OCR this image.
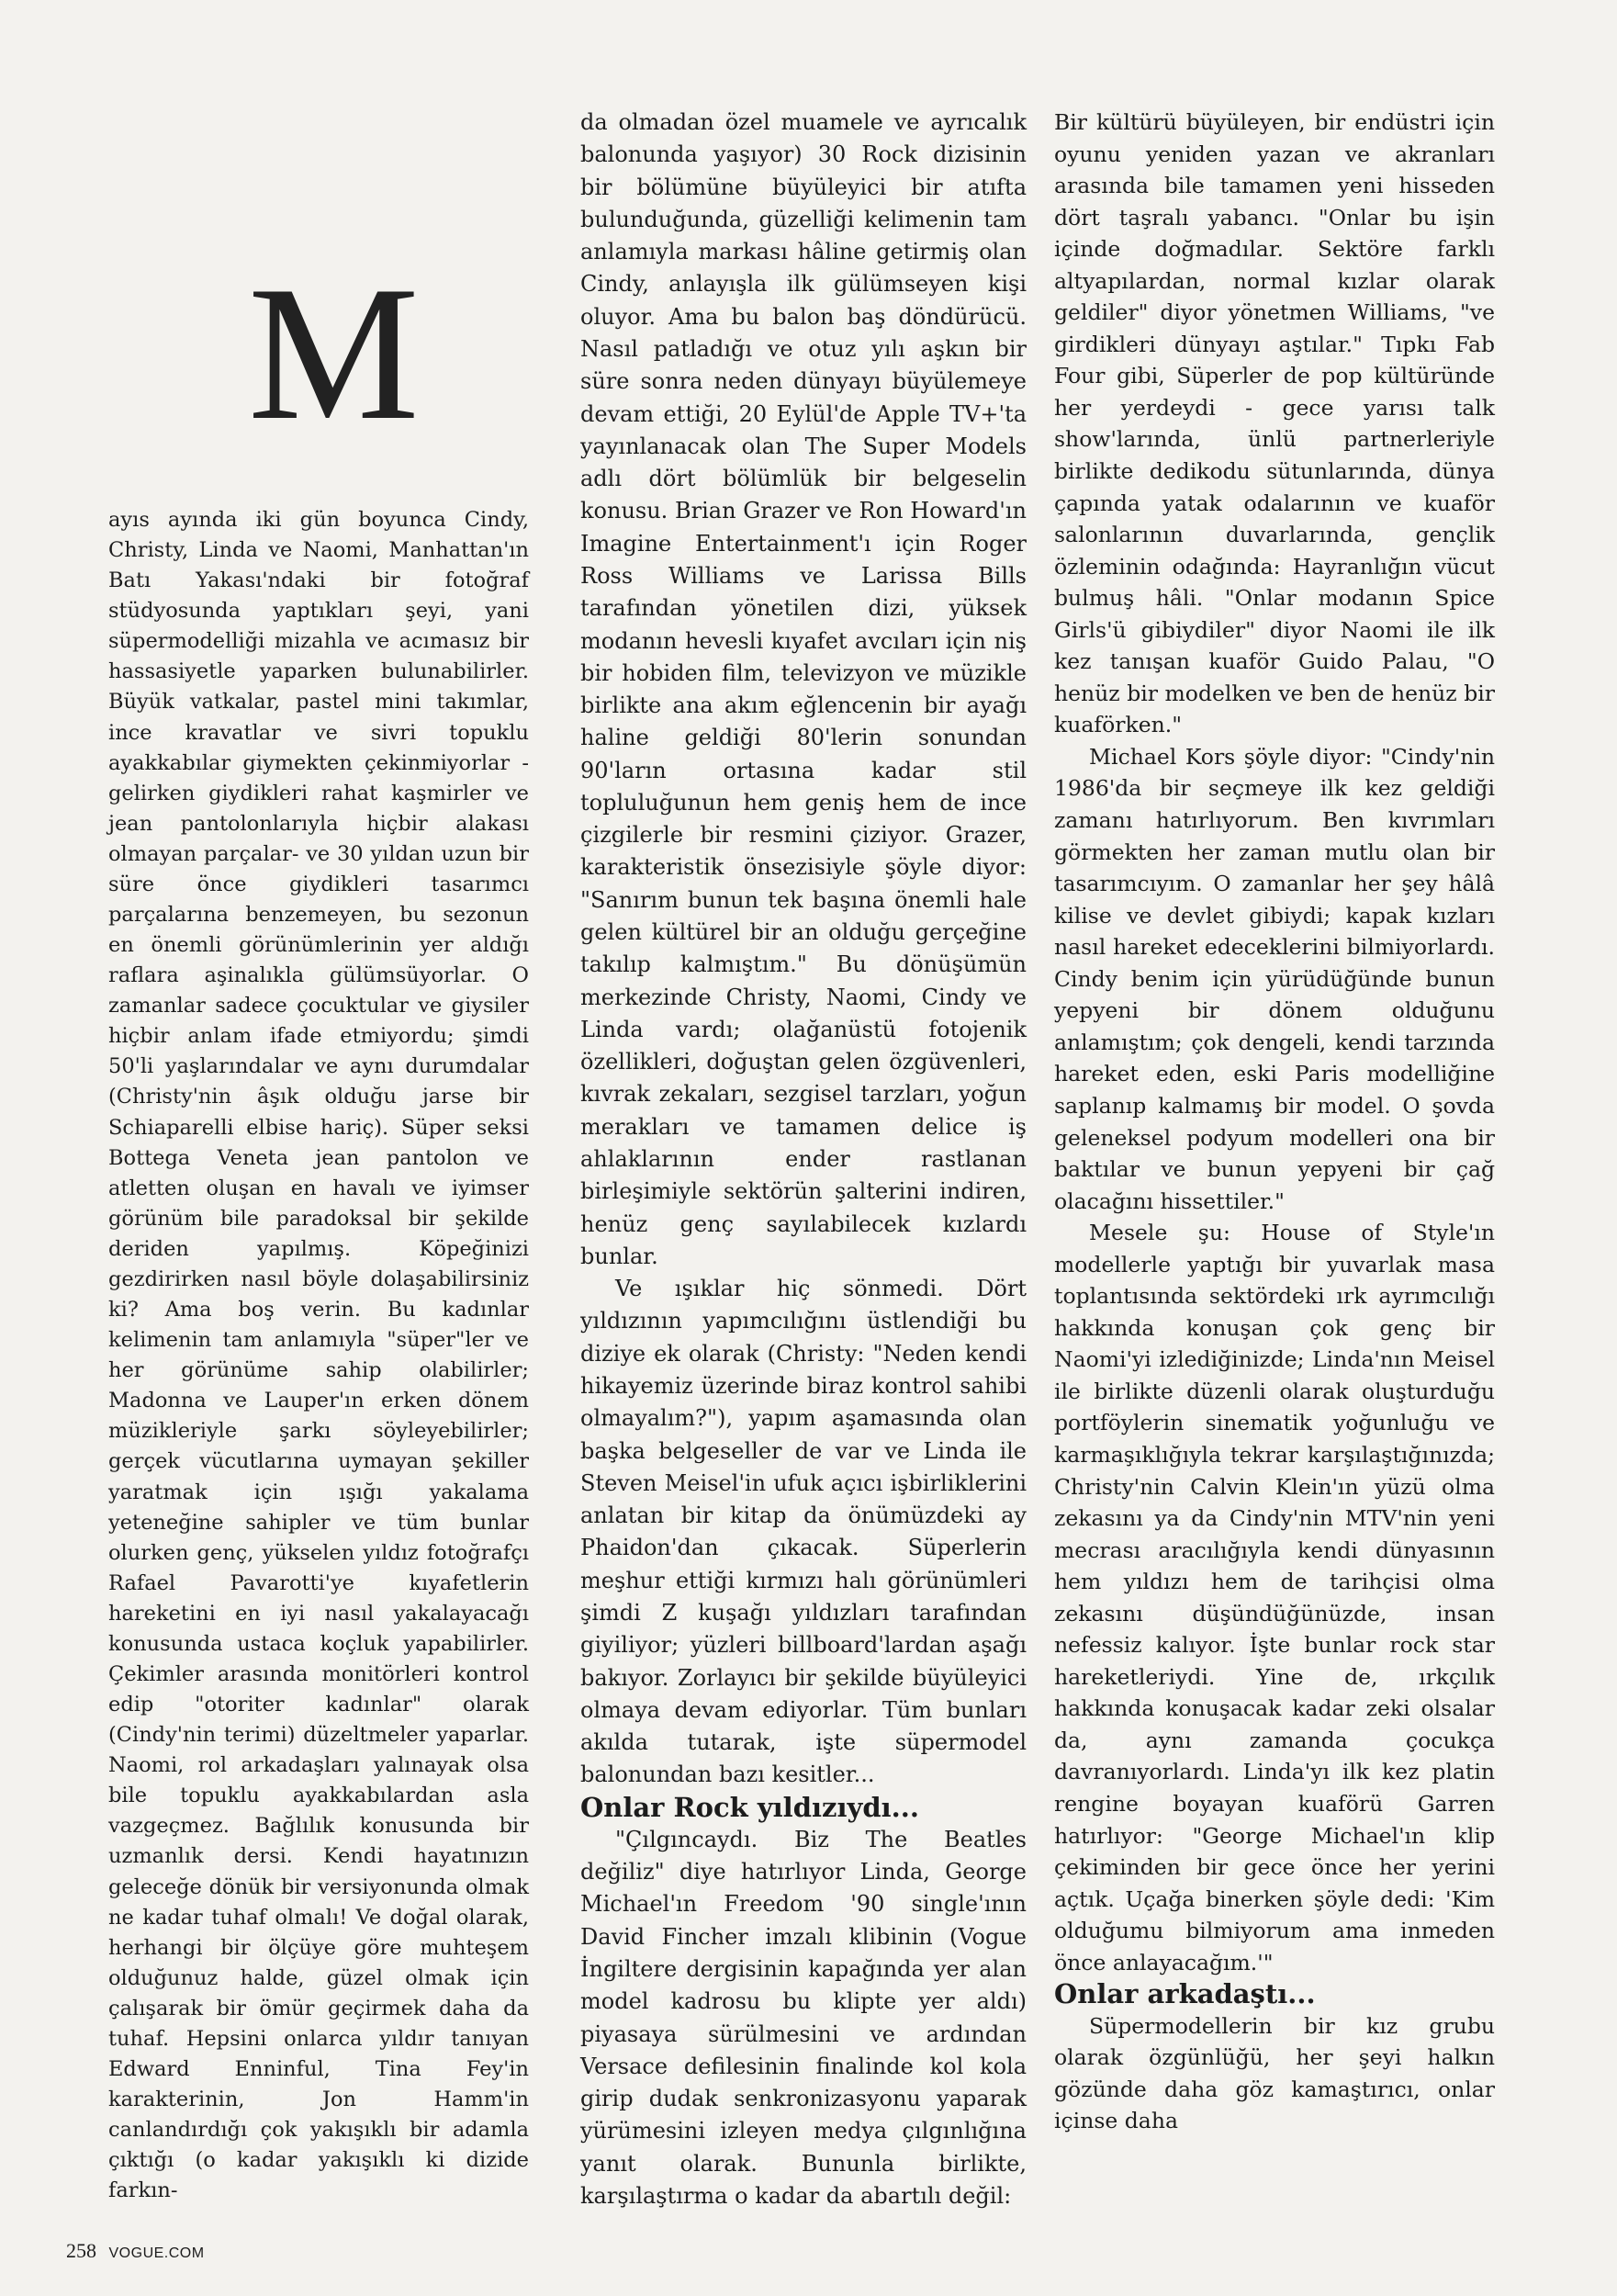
M

ayıs ayında iki gün boyunca Cindy, Christy, Linda ve Naomi, Manhattan'ın Batı Yakası'ndaki bir fotoğraf stüdyosunda yaptıkları şeyi, yani süpermodelliği mizahla ve acımasız bir hassasiyetle yaparken bulunabilirler. Büyük vatkalar, pastel mini takımlar, ince kravatlar ve sivri topuklu ayakkabılar giymekten çekinmiyorlar -gelirken giydikleri rahat kaşmirler ve jean pantolonlarıyla hiçbir alakası olmayan parçalar- ve 30 yıldan uzun bir süre önce giydikleri tasarımcı parçalarına benzemeyen, bu sezonun en önemli görünümlerinin yer aldığı raflara aşinalıkla gülümsüyorlar. O zamanlar sadece çocuktular ve giysiler hiçbir anlam ifade etmiyordu; şimdi 50'li yaşlarındalar ve aynı durumdalar (Christy'nin âşık olduğu jarse bir Schiaparelli elbise hariç). Süper seksi Bottega Veneta jean pantolon ve atletten oluşan en havalı ve iyimser görünüm bile paradoksal bir şekilde deriden yapılmış. Köpeğinizi gezdirirken nasıl böyle dolaşabilirsiniz ki? Ama boş verin. Bu kadınlar kelimenin tam anlamıyla "süper"ler ve her görünüme sahip olabilirler; Madonna ve Lauper'ın erken dönem müzikleriyle şarkı söyleyebilirler; gerçek vücutlarına uymayan şekiller yaratmak için ışığı yakalama yeteneğine sahipler ve tüm bunlar olurken genç, yükselen yıldız fotoğrafçı Rafael Pavarotti'ye kıyafetlerin hareketini en iyi nasıl yakalayacağı konusunda ustaca koçluk yapabilirler. Çekimler arasında monitörleri kontrol edip "otoriter kadınlar" olarak (Cindy'nin terimi) düzeltmeler yaparlar. Naomi, rol arkadaşları yalınayak olsa bile topuklu ayakkabılardan asla vazgeçmez. Bağlılık konusunda bir uzmanlık dersi. Kendi hayatınızın geleceğe dönük bir versiyonunda olmak ne kadar tuhaf olmalı! Ve doğal olarak, herhangi bir ölçüye göre muhteşem olduğunuz halde, güzel olmak için çalışarak bir ömür geçirmek daha da tuhaf. Hepsini onlarca yıldır tanıyan Edward Enninful, Tina Fey'in karakterinin, Jon Hamm'in canlandırdığı çok yakışıklı bir adamla çıktığı (o kadar yakışıklı ki dizide farkın-

da olmadan özel muamele ve ayrıcalık balonunda yaşıyor) 30 Rock dizisinin bir bölümüne büyüleyici bir atıfta bulunduğunda, güzelliği kelimenin tam anlamıyla markası hâline getirmiş olan Cindy, anlayışla ilk gülümseyen kişi oluyor. Ama bu balon baş döndürücü. Nasıl patladığı ve otuz yılı aşkın bir süre sonra neden dünyayı büyülemeye devam ettiği, 20 Eylül'de Apple TV+'ta yayınlanacak olan The Super Models adlı dört bölümlük bir belgeselin konusu. Brian Grazer ve Ron Howard'ın Imagine Entertainment'ı için Roger Ross Williams ve Larissa Bills tarafından yönetilen dizi, yüksek modanın hevesli kıyafet avcıları için niş bir hobiden film, televizyon ve müzikle birlikte ana akım eğlencenin bir ayağı haline geldiği 80'lerin sonundan 90'ların ortasına kadar stil topluluğunun hem geniş hem de ince çizgilerle bir resmini çiziyor. Grazer, karakteristik önsezisiyle şöyle diyor: "Sanırım bunun tek başına önemli hale gelen kültürel bir an olduğu gerçeğine takılıp kalmıştım." Bu dönüşümün merkezinde Christy, Naomi, Cindy ve Linda vardı; olağanüstü fotojenik özellikleri, doğuştan gelen özgüvenleri, kıvrak zekaları, sezgisel tarzları, yoğun merakları ve tamamen delice iş ahlaklarının ender rastlanan birleşimiyle sektörün şalterini indiren, henüz genç sayılabilecek kızlardı bunlar.

Ve ışıklar hiç sönmedi. Dört yıldızının yapımcılığını üstlendiği bu diziye ek olarak (Christy: "Neden kendi hikayemiz üzerinde biraz kontrol sahibi olmayalım?"), yapım aşamasında olan başka belgeseller de var ve Linda ile Steven Meisel'in ufuk açıcı işbirliklerini anlatan bir kitap da önümüzdeki ay Phaidon'dan çıkacak. Süperlerin meşhur ettiği kırmızı halı görünümleri şimdi Z kuşağı yıldızları tarafından giyiliyor; yüzleri billboard'lardan aşağı bakıyor. Zorlayıcı bir şekilde büyüleyici olmaya devam ediyorlar. Tüm bunları akılda tutarak, işte süpermodel balonundan bazı kesitler...

Onlar Rock yıldızıydı...

"Çılgıncaydı. Biz The Beatles değiliz" diye hatırlıyor Linda, George Michael'ın Freedom '90 single'ının David Fincher imzalı klibinin (Vogue İngiltere dergisinin kapağında yer alan model kadrosu bu klipte yer aldı) piyasaya sürülmesini ve ardından Versace defilesinin finalinde kol kola girip dudak senkronizasyonu yaparak yürümesini izleyen medya çılgınlığına yanıt olarak. Bununla birlikte, karşılaştırma o kadar da abartılı değil:

Bir kültürü büyüleyen, bir endüstri için oyunu yeniden yazan ve akranları arasında bile tamamen yeni hisseden dört taşralı yabancı. "Onlar bu işin içinde doğmadılar. Sektöre farklı altyapılardan, normal kızlar olarak geldiler" diyor yönetmen Williams, "ve girdikleri dünyayı aştılar." Tıpkı Fab Four gibi, Süperler de pop kültüründe her yerdeydi - gece yarısı talk show'larında, ünlü partnerleriyle birlikte dedikodu sütunlarında, dünya çapında yatak odalarının ve kuaför salonlarının duvarlarında, gençlik özleminin odağında: Hayranlığın vücut bulmuş hâli. "Onlar modanın Spice Girls'ü gibiydiler" diyor Naomi ile ilk kez tanışan kuaför Guido Palau, "O henüz bir modelken ve ben de henüz bir kuaförken."

Michael Kors şöyle diyor: "Cindy'nin 1986'da bir seçmeye ilk kez geldiği zamanı hatırlıyorum. Ben kıvrımları görmekten her zaman mutlu olan bir tasarımcıyım. O zamanlar her şey hâlâ kilise ve devlet gibiydi; kapak kızları nasıl hareket edeceklerini bilmiyorlardı. Cindy benim için yürüdüğünde bunun yepyeni bir dönem olduğunu anlamıştım; çok dengeli, kendi tarzında hareket eden, eski Paris modelliğine saplanıp kalmamış bir model. O şovda geleneksel podyum modelleri ona bir baktılar ve bunun yepyeni bir çağ olacağını hissettiler."

Mesele şu: House of Style'ın modellerle yaptığı bir yuvarlak masa toplantısında sektördeki ırk ayrımcılığı hakkında konuşan çok genç bir Naomi'yi izlediğinizde; Linda'nın Meisel ile birlikte düzenli olarak oluşturduğu portföylerin sinematik yoğunluğu ve karmaşıklığıyla tekrar karşılaştığınızda; Christy'nin Calvin Klein'ın yüzü olma zekasını ya da Cindy'nin MTV'nin yeni mecrası aracılığıyla kendi dünyasının hem yıldızı hem de tarihçisi olma zekasını düşündüğünüzde, insan nefessiz kalıyor. İşte bunlar rock star hareketleriydi. Yine de, ırkçılık hakkında konuşacak kadar zeki olsalar da, aynı zamanda çocukça davranıyorlardı. Linda'yı ilk kez platin rengine boyayan kuaförü Garren hatırlıyor: "George Michael'ın klip çekiminden bir gece önce her yerini açtık. Uçağa binerken şöyle dedi: 'Kim olduğumu bilmiyorum ama inmeden önce anlayacağım.'"

Onlar arkadaştı...

Süpermodellerin bir kız grubu olarak özgünlüğü, her şeyi halkın gözünde daha göz kamaştırıcı, onlar içinse daha

258 VOGUE.COM
